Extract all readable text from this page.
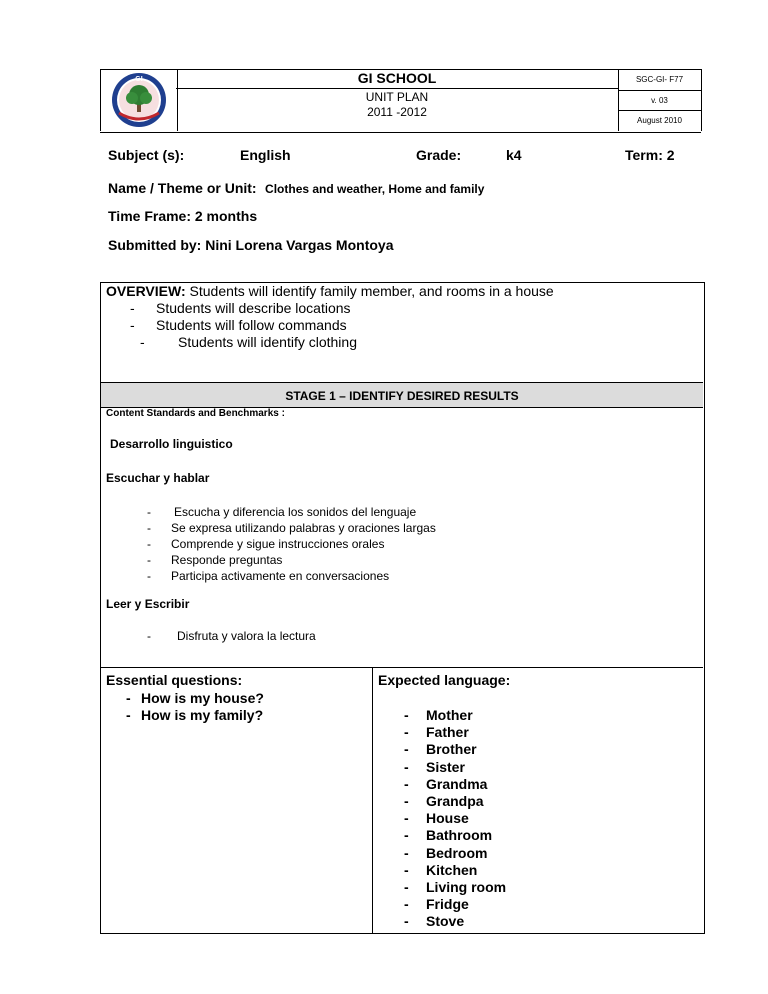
GI	GI SCHOOL
UNIT PLAN
2011 -2012
SGC-GI- F77
v. 03
August 2010
Subject (s):	English	Grade:	k4	Term: 2
Name / Theme or Unit: Clothes and weather, Home and family
Time Frame: 2 months
Submitted by: Nini Lorena Vargas Montoya
OVERVIEW: Students will identify family member, and rooms in a house
- Students will describe locations
- Students will follow commands
- Students will identify clothing
STAGE 1 – IDENTIFY DESIRED RESULTS
Content Standards and Benchmarks :
Desarrollo linguistico
Escuchar y hablar
- Escucha y diferencia los sonidos del lenguaje
- Se expresa utilizando palabras y oraciones largas
- Comprende y sigue instrucciones orales
- Responde preguntas
- Participa activamente en conversaciones
Leer y Escribir
- Disfruta y valora la lectura
Essential questions:
- How is my house?
- How is my family?
Expected language:
- Mother
- Father
- Brother
- Sister
- Grandma
- Grandpa
- House
- Bathroom
- Bedroom
- Kitchen
- Living room
- Fridge
- Stove
